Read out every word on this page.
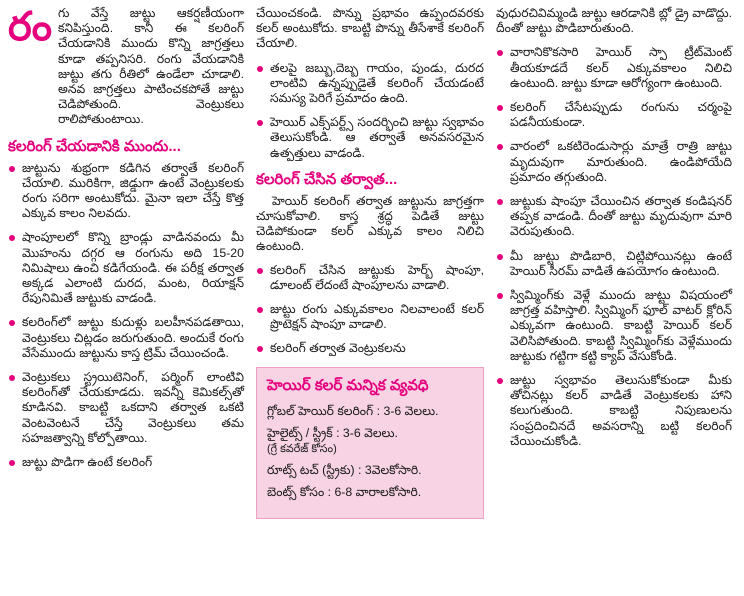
రం గు వేస్తే జుట్టు ఆకర్షణీయంగా కనిపిస్తుంది. కానీ ఈ కలరింగ్ చేయడానికి ముందు కొన్ని జాగ్రత్తలు కూడా తప్పనిసరి. రంగు వేయడానికి జుట్టు తగు రీతిలో ఉండేలా చూడాలి. అనవ జాగ్రత్తలు పాటించకపోతే జుట్టు చెడిపోతుంది. వెంట్రుకలు రాలిపోతుంటాయి.
కలరింగ్ చేయడానికి ముందు...
జుట్టును శుభ్రంగా కడిగిన తర్వాతే కలరింగ్ చేయాలి. మురికిగా, జిడ్డుగా ఉంటే వెంట్రుకలకు రంగు సరిగా అంటుకోదు. మైనా ఇలా చేస్తే కొత్త ఎక్కువ కాలం నిలవదు.
షాంపూలలో కొన్ని బ్రాండ్లు వాడినవందు మీ మొహంను దగ్గర ఆ రంగును అది 15-20 నిమిషాలు ఉంచి కడిగేయండి. ఈ పరీక్ష తర్వాత అక్కడ ఎలాంటి దురద, మంట, రియాక్షన్ రేపునిమితే జుట్టుకు వాడండి.
కలరింగ్‌లో జుట్టు కుదుళ్లు బలహీనపడతాయి, వెంట్రుకలు చిట్లడం జరుగుతుంది. అందుకే రంగు వేసేముందు జుట్టును కాస్త ట్రిమ్ చేయించండి.
వెంట్రుకలు స్ట్రయిటెనింగ్, పర్మింగ్ లాంటివి కలరింగ్‌తో చేయకూడదు. ఇవన్నీ కెమికల్స్‌తో కూడినవి. కాబట్టి ఒకదాని తర్వాత ఒకటి వెంటవెంటనే చేస్తే వెంట్రుకలు తమ సహజత్వాన్ని కోల్పోతాయి.
జుట్టు పొడిగా ఉంటే కలరింగ్
చేయించకండి. పొన్ను ప్రభావం ఉప్పందవరకు కలర్ అంటుకోదు. కాబట్టి పొన్ను తీసేశాకే కలరింగ్ చేయాలి.
తలపై జబ్బు,దెబ్బ గాయం, పుండు, దురద లాంటివి ఉన్నప్పుడైతే కలరింగ్ చేయడంటే సమస్య పెరిగే ప్రమాదం ఉంది.
హెయిర్ ఎక్స్‌పర్ట్స్ సందర్భించి జుట్టు స్వభావం తెలుసుకోండి. ఆ తర్వాతే అనవసరమైన ఉత్పత్తులు వాడండి.
కలరింగ్ చేసిన తర్వాత...

హెయిర్ కలరింగ్ తర్వాత జుట్టును జాగ్రత్తగా చూసుకోవాలి. కాస్త శ్రద్ధ పెడితే జుట్టు చెడిపోకుండా కలర్ ఎక్కువ కాలం నిలిచి ఉంటుంది.

కలరింగ్ చేసిన జుట్టుకు హెర్బ్ షాంపూ, డూలంట్ లేదంటే షాంపూలను వాడాలి.
జుట్టు రంగు ఎక్కువకాలం నిలవాలంటే కలర్ ప్రొటెక్షన్ షాంపూ వాడాలి.
కలరింగ్ తర్వాత వెంట్రుకలను
హెయిర్ కలర్ మన్నిక వ్యవధి
గ్లోబల్ హెయిర్ కలరింగ్ : 3-6 వెలలు.
హైలైట్స్ / స్ట్రీక్ : 3-6 వెలలు.
(గ్రే కవరేజ్ కోసం)
రూట్స్ టచ్ (స్ట్రీకు) : 3వెలకోసారి.
బెంట్స్ కోసం : 6-8 వారాలకోసారి.
వుధురచివిమ్మండి జుట్టు ఆరడానికి బ్లో డ్రై వాడొద్దు. దీంతో జుట్టు పొడిబారుతుంది.
వారానికొకసారి హెయిర్ స్పా ట్రీట్‌మెంట్ తీయకూడదే కలర్ ఎక్కువకాలం నిలిచి ఉంటుంది. జుట్టు కూడా ఆరోగ్యంగా ఉంటుంది.
కలరింగ్ చేసేటప్పుడు రంగును చర్మంపై పడనీయకుండా.
వారంలో ఒకటిరెండుసార్లు మాత్రే రాత్రి జుట్టు మృదువుగా మారుతుంది. ఉండిపోయేది ప్రమాదం తగ్గుతుంది.
జుట్టుకు షాంపూ చేయించిన తర్వాత కండిషనర్ తప్పక వాడండి. దీంతో జుట్టు మృదువుగా మారి వెరుపుతుంది.
మీ జుట్టు పొడిబారి, చిట్లిపోయినట్లు ఉంటే హెయిర్ సీరమ్ వాడితే ఉపయోగం ఉంటుంది.
స్విమ్మింగ్‌కు వెళ్లే ముందు జుట్టు విషయంలో జాగ్రత్త వహిస్తాలి. స్విమ్మింగ్ ఫూల్ వాటర్ క్లోరిన్ ఎక్కువగా ఉంటుంది. కాబట్టి హెయిర్ కలర్ వెలిసిపోతుంది. కాబట్టి స్విమ్మింగ్‌కు వెళ్లేముందు జుట్టుకు గట్టిగా కట్టి క్యాప్ వేసుకోండి.
జుట్టు స్వభావం తెలుసుకోకుండా మీకు తోచినట్లు కలర్ వాడితే వెంట్రుకలకు హాని కలుగుతుంది. కాబట్టి నిపుణులను సంప్రదించినదే అవసరాన్ని బట్టి కలరింగ్ చేయించుకోండి.
